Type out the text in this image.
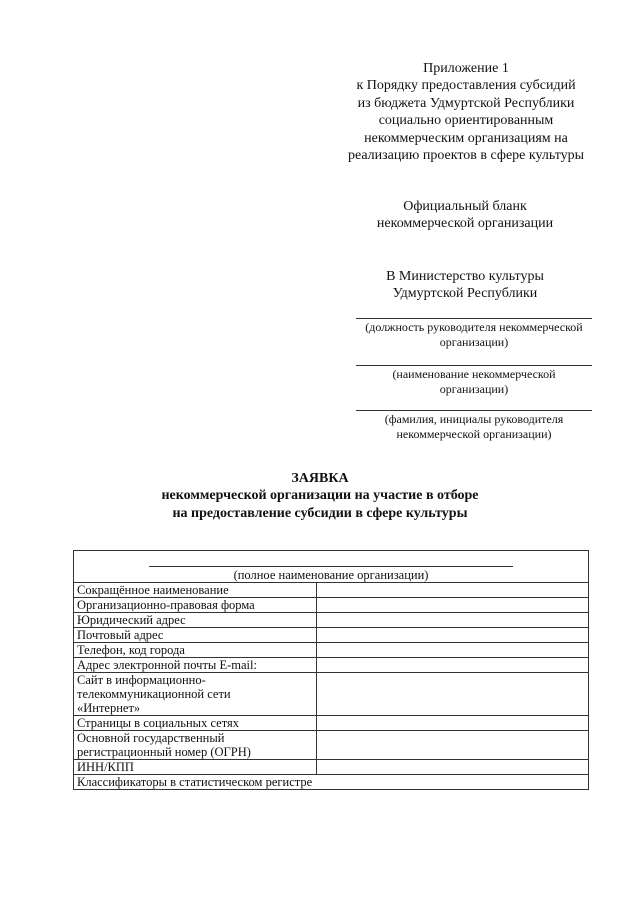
Приложение 1
к Порядку предоставления субсидий
из бюджета Удмуртской Республики
социально ориентированным
некоммерческим организациям на
реализацию проектов в сфере культуры
Официальный бланк
некоммерческой организации
В Министерство культуры
Удмуртской Республики
(должность руководителя некоммерческой
организации)
(наименование некоммерческой
организации)
(фамилия, инициалы руководителя
некоммерческой организации)
ЗАЯВКА
некоммерческой организации на участие в отборе
на предоставление субсидии в сфере культуры
(полное наименование организации)	

Сокращённое наименование	
Организационно-правовая форма	
Юридический адрес	
Почтовый адрес	
Телефон, код города	
Адрес электронной почты E-mail:	

Сайт в информационно-
телекоммуникационной сети
«Интернет»	

Страницы в социальных сетях	

Основной государственный
регистрационный номер (ОГРН)	

ИНН/КПП	
Классификаторы в статистическом регистре	
